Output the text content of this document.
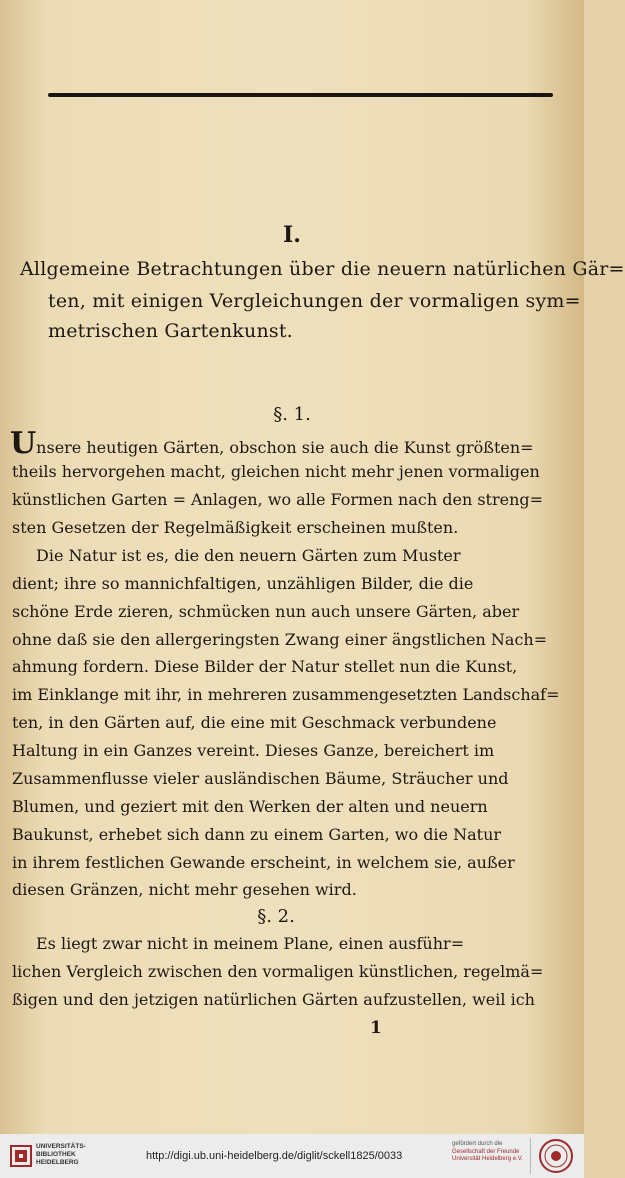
I.
Allgemeine Betrachtungen über die neuern natürlichen Gär=
ten, mit einigen Vergleichungen der vormaligen sym=
metrischen Gartenkunst.
§. 1.
Unsere heutigen Gärten, obschon sie auch die Kunst größten=
theils hervorgehen macht, gleichen nicht mehr jenen vormaligen
künstlichen Garten = Anlagen, wo alle Formen nach den streng=
sten Gesetzen der Regelmäßigkeit erscheinen mußten.
Die Natur ist es, die den neuern Gärten zum Muster
dient; ihre so mannichfaltigen, unzähligen Bilder, die die
schöne Erde zieren, schmücken nun auch unsere Gärten, aber
ohne daß sie den allergeringsten Zwang einer ängstlichen Nach=
ahmung fordern. Diese Bilder der Natur stellet nun die Kunst,
im Einklange mit ihr, in mehreren zusammengesetzten Landschaf=
ten, in den Gärten auf, die eine mit Geschmack verbundene
Haltung in ein Ganzes vereint. Dieses Ganze, bereichert im
Zusammenflusse vieler ausländischen Bäume, Sträucher und
Blumen, und geziert mit den Werken der alten und neuern
Baukunst, erhebet sich dann zu einem Garten, wo die Natur
in ihrem festlichen Gewande erscheint, in welchem sie, außer
diesen Gränzen, nicht mehr gesehen wird.
§. 2.
Es liegt zwar nicht in meinem Plane, einen ausführ=
lichen Vergleich zwischen den vormaligen künstlichen, regelmä=
ßigen und den jetzigen natürlichen Gärten aufzustellen, weil ich
1
UNIVERSITÄTS-
BIBLIOTHEK
HEIDELBERG
http://digi.ub.uni-heidelberg.de/diglit/sckell1825/0033
gefördert durch die
Gesellschaft der Freunde
Universität Heidelberg e.V.
